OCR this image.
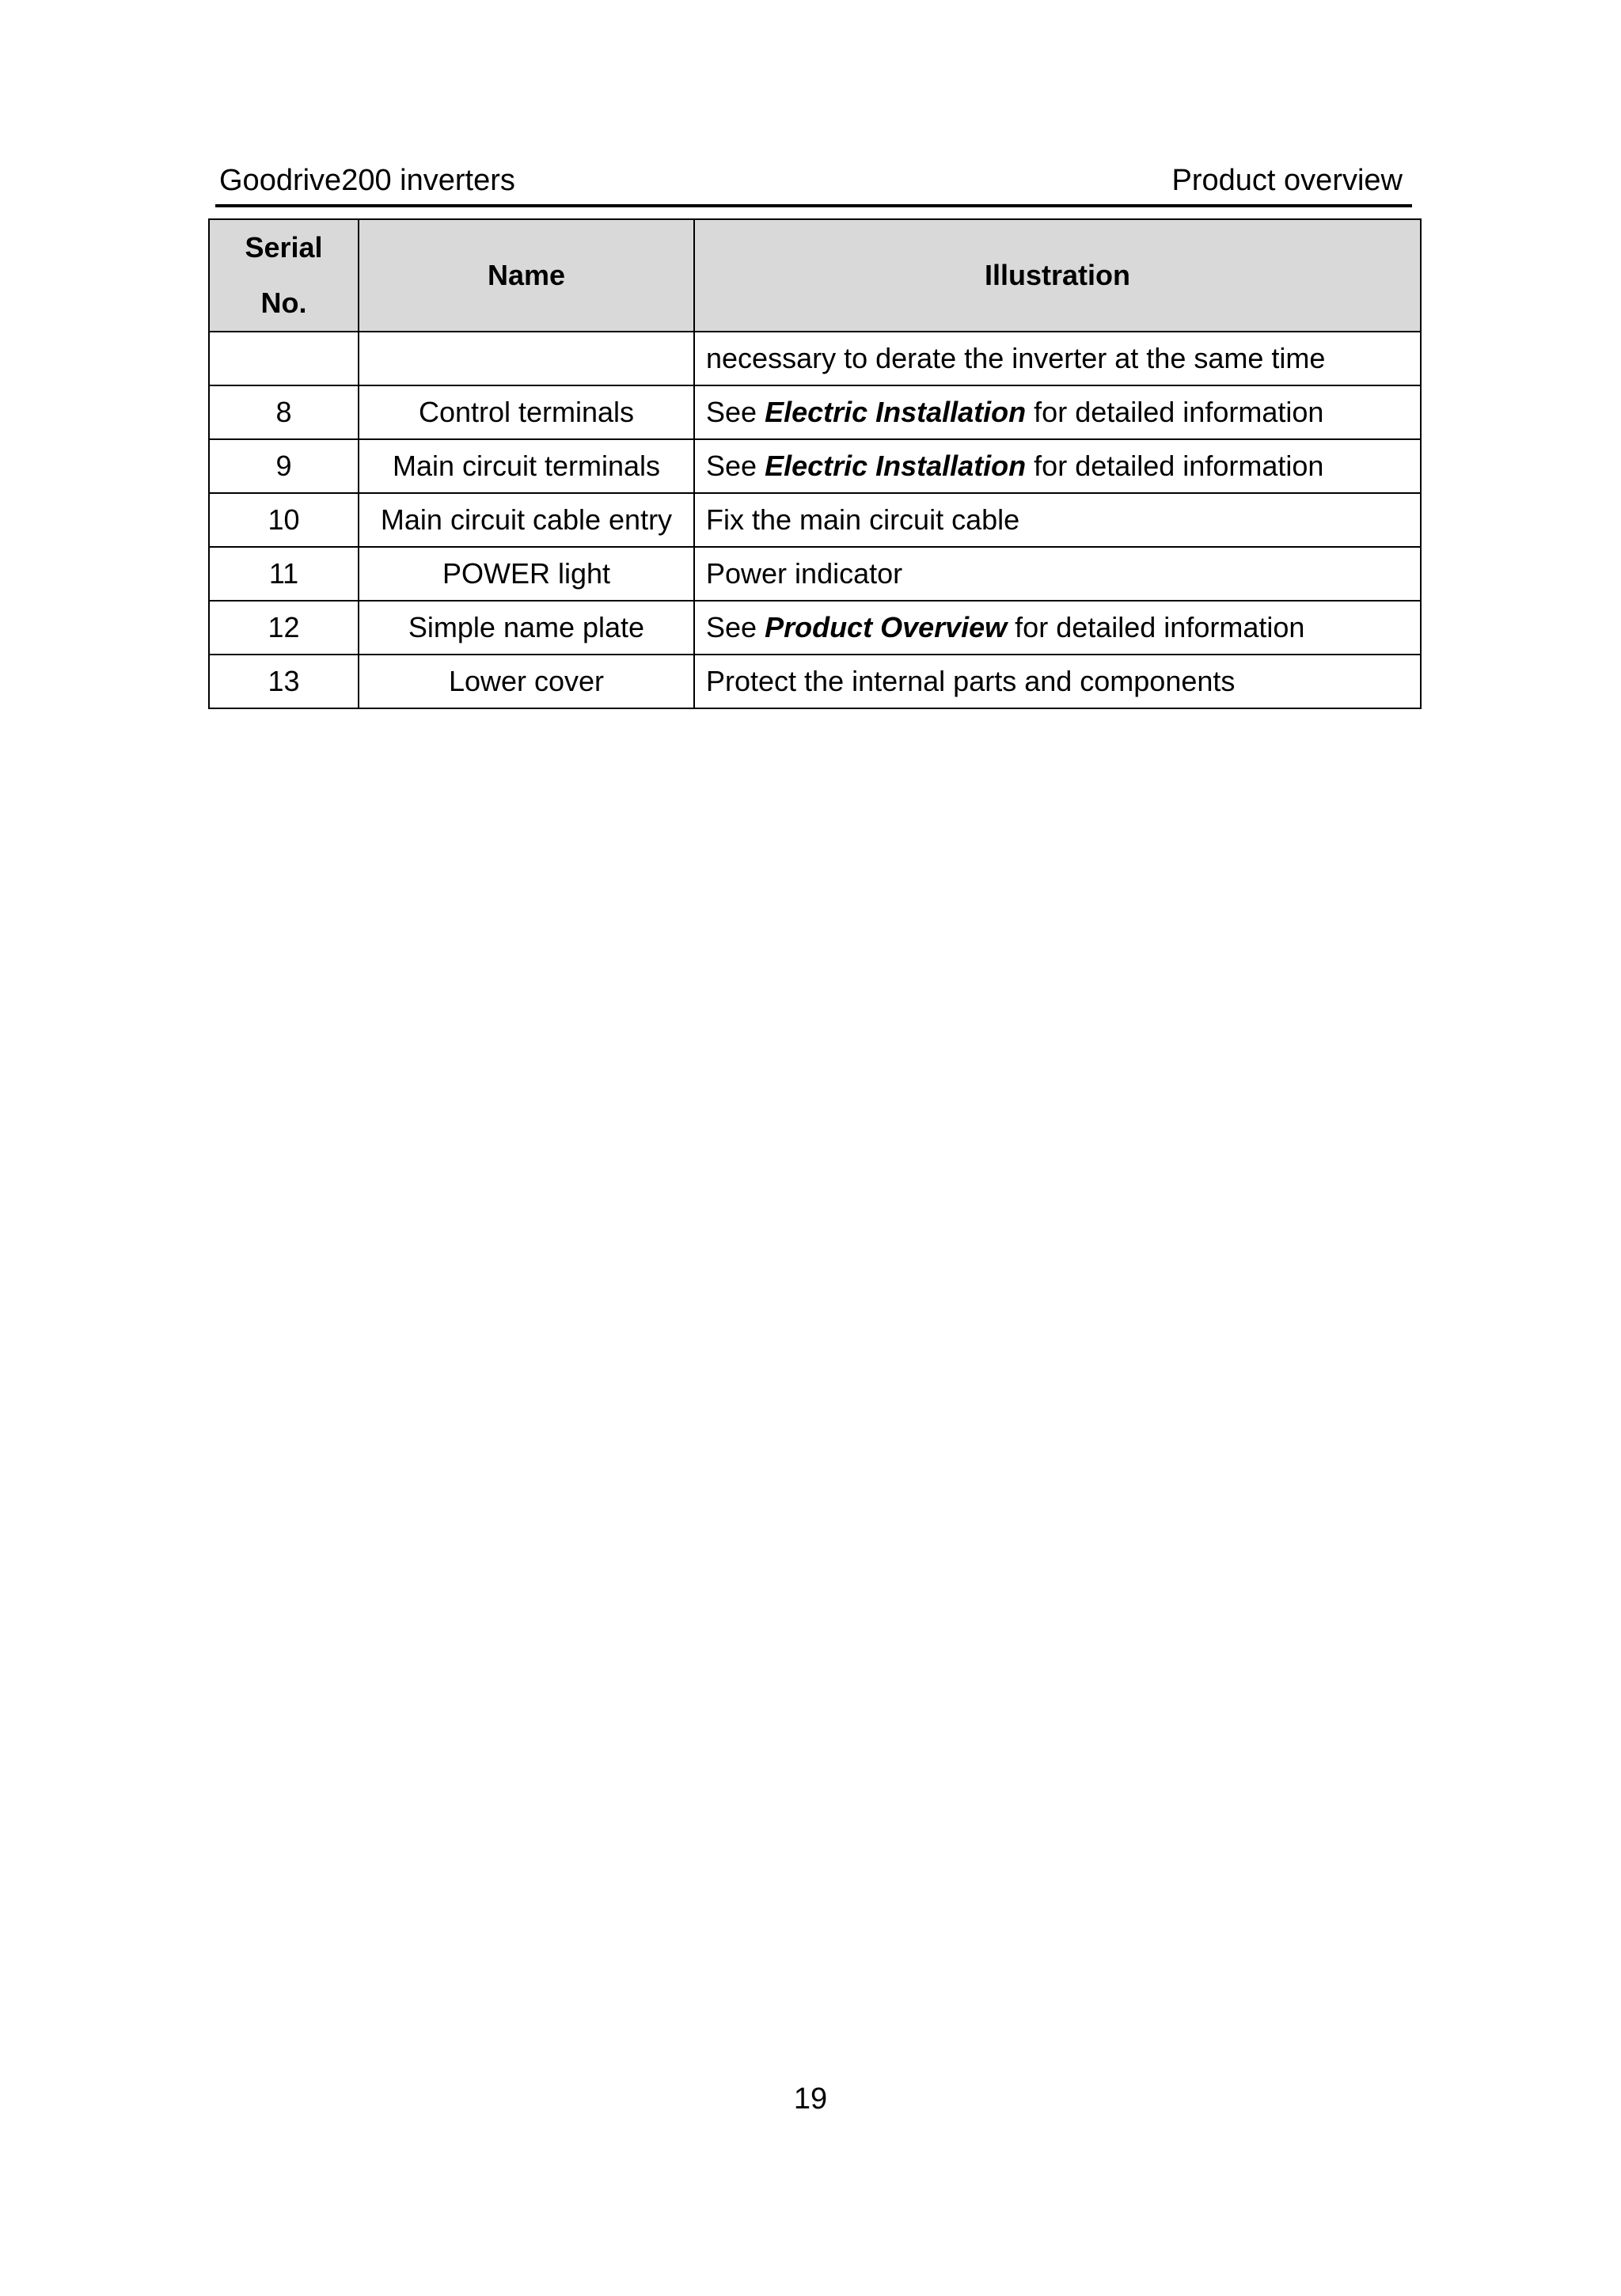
Goodrive200 inverters	Product overview
Serial
No.	Name	Illustration
		necessary to derate the inverter at the same time
8	Control terminals	See Electric Installation for detailed information
9	Main circuit terminals	See Electric Installation for detailed information
10	Main circuit cable entry	Fix the main circuit cable
11	POWER light	Power indicator
12	Simple name plate	See Product Overview for detailed information
13	Lower cover	Protect the internal parts and components
19
